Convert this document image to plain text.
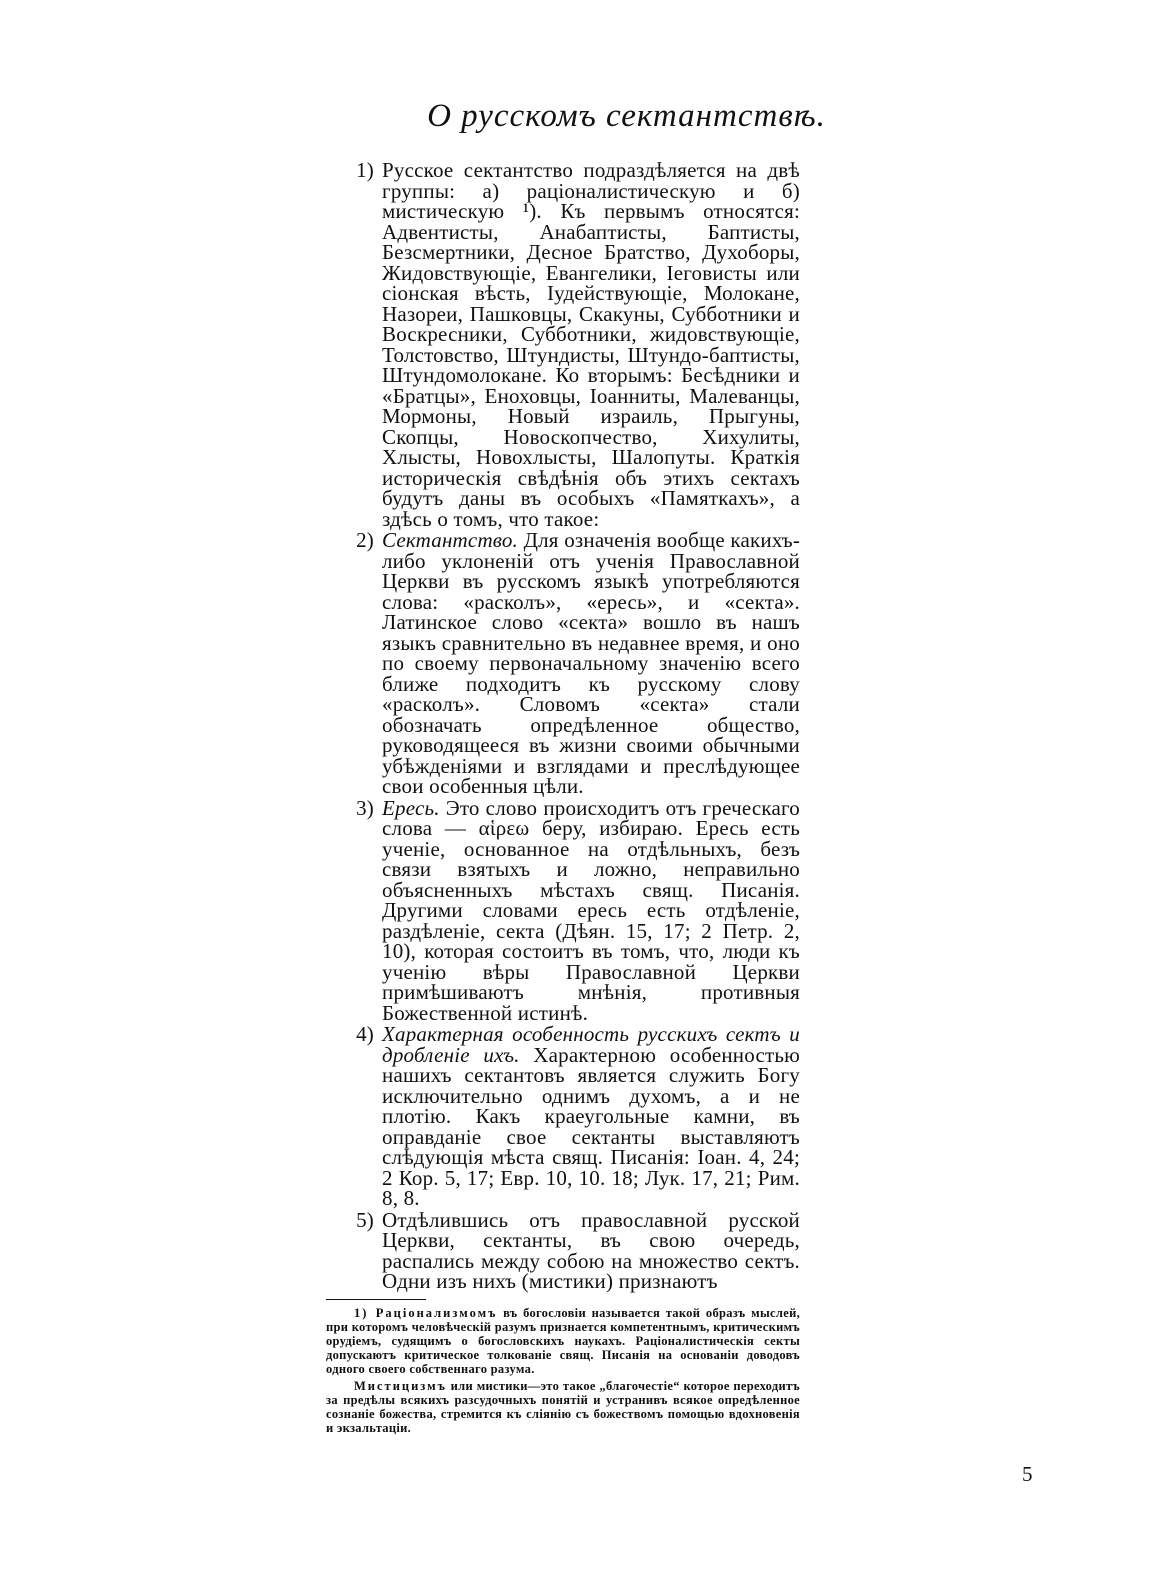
О русскомъ сектантствѣ.
1) Русское сектантство подраздѣляется на двѣ группы: а) раціоналистическую и б) мистическую ¹). Къ первымъ относятся: Адвентисты, Анабаптисты, Баптисты, Безсмертники, Десное Братство, Духоборы, Жидовствующіе, Евангелики, Іеговисты или сіонская вѣсть, Іудействующіе, Молокане, Назореи, Пашковцы, Скакуны, Субботники и Воскресники, Субботники, жидовствующіе, Толстовство, Штундисты, Штундо-баптисты, Штундомолокане. Ко вторымъ: Бесѣдники и «Братцы», Еноховцы, Іоанниты, Малеванцы, Мормоны, Новый израиль, Прыгуны, Скопцы, Новоскопчество, Хихулиты, Хлысты, Новохлысты, Шалопуты. Краткія историческія свѣдѣнія объ этихъ сектахъ будутъ даны въ особыхъ «Памяткахъ», а здѣсь о томъ, что такое:
2) Сектантство. Для означенія вообще какихъ-либо уклоненій отъ ученія Православной Церкви въ русскомъ языкѣ употребляются слова: «расколъ», «ересь», и «секта». Латинское слово «секта» вошло въ нашъ языкъ сравнительно въ недавнее время, и оно по своему первоначальному значенію всего ближе подходитъ къ русскому слову «расколъ». Словомъ «секта» стали обозначать опредѣленное общество, руководящееся въ жизни своими обычными убѣжденіями и взглядами и преслѣдующее свои особенныя цѣли.
3) Ересь. Это слово происходитъ отъ греческаго слова — αἱρεω беру, избираю. Ересь есть ученіе, основанное на отдѣльныхъ, безъ связи взятыхъ и ложно, неправильно объясненныхъ мѣстахъ свящ. Писанія. Другими словами ересь есть отдѣленіе, раздѣленіе, секта (Дѣян. 15, 17; 2 Петр. 2, 10), которая состоитъ въ томъ, что, люди къ ученію вѣры Православной Церкви примѣшиваютъ мнѣнія, противныя Божественной истинѣ.
4) Характерная особенность русскихъ сектъ и дробленіе ихъ. Характерною особенностью нашихъ сектантовъ является служить Богу исключительно однимъ духомъ, а и не плотію. Какъ краеугольные камни, въ оправданіе свое сектанты выставляютъ слѣдующія мѣста свящ. Писанія: Іоан. 4, 24; 2 Кор. 5, 17; Евр. 10, 10. 18; Лук. 17, 21; Рим. 8, 8.
5) Отдѣлившись отъ православной русской Церкви, сектанты, въ свою очередь, распались между собою на множество сектъ. Одни изъ нихъ (мистики) признаютъ

1) Раціонализмомъ въ богословіи называется такой образъ мыслей, при которомъ человѣческій разумъ признается компетентнымъ, критическимъ орудіемъ, судящимъ о богословскихъ наукахъ. Раціоналистическія секты допускаютъ критическое толкованіе свящ. Писанія на основаніи доводовъ одного своего собственнаго разума.

Мистицизмъ или мистики—это такое „благочестіе“ которое переходитъ за предѣлы всякихъ разсудочныхъ понятій и устранивъ всякое опредѣленное сознаніе божества, стремится къ сліянію съ божествомъ помощью вдохновенія и экзальтаціи.

5
